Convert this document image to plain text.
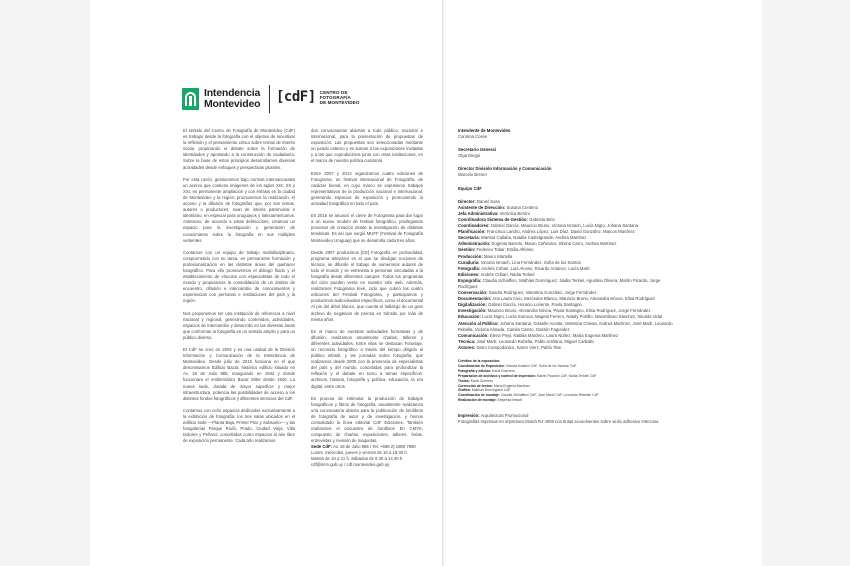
Intendencia
Montevideo [cdF] CENTRO DE
FOTOGRAFÍA
DE MONTEVIDEO

El sentido del Centro de Fotografía de Montevideo (CdF) es trabajar desde la fotografía con el objetivo de incentivar la reflexión y el pensamiento crítico sobre temas de interés social, propiciando el debate sobre la formación de identidades y aportando a la construcción de ciudadanía. Sobre la base de estos principios desarrollamos diversas actividades desde enfoques y perspectivas plurales.

Por esta razón, gestionamos bajo normas internacionales un acervo que contiene imágenes de los siglos XIX, XX y XXI, en permanente ampliación y con énfasis en la ciudad de Montevideo y la región; promovemos la realización, el acceso y la difusión de fotografías que, por sus temas, autores o productores, sean de interés patrimonial e identitario, en especial para uruguayos y latinoamericanos. Asimismo, de acuerdo a estas definiciones, creamos un espacio para la investigación y generación de conocimiento sobre la fotografía en sus múltiples vertientes.

Contamos con un equipo de trabajo multidisciplinario, comprometido con su tarea, en permanente formación y profesionalización en las distintas áreas del quehacer fotográfico. Para ello promovemos el diálogo fluido y el establecimiento de vínculos con especialistas de todo el mundo y propiciamos la consolidación de un ámbito de encuentro, difusión e intercambio de conocimientos y experiencias con personas e instituciones del país y la región.

Nos proponemos ser una institución de referencia a nivel nacional y regional, generando contenidos, actividades, espacios de intercambio y desarrollo en las diversas áreas que conforman la fotografía en un sentido amplio y para un público diverso.

El CdF se creó en 2002 y es una unidad de la División Información y Comunicación de la Intendencia de Montevideo. Desde julio de 2015 funciona en el que denominamos Edificio Bazar, histórico edificio situado en Av. 18 de Julio 885, inaugurado en 1932 y donde funcionara el emblemático Bazar Mitre desde 1940. La nueva sede, dotada de mayor superficie y mejor infraestructura, potencia las posibilidades de acceso a los distintos fondos fotográficos y diferentes servicios del CdF.

Contamos con ocho espacios dedicados exclusivamente a la exhibición de fotografía: los tres salas ubicados en el edificio sede —Planta Baja, Primer Piso y Subsuelo— y las fotogalerías Parque Rodó, Prado, Ciudad Vieja, Villa Dolores y Peñarol, concebidas como espacios al aire libre de exposición permanente. Cada año realizamos

dos convocatorias abiertas a todo público, nacional e internacional, para la presentación de propuestas de exposición. Las propuestas son seleccionadas mediante un jurado externo y se suman a las exposiciones invitadas y a las que coproducimos junto con otras instituciones, en el marco de nuestra política curatorial.

Entre 2007 y 2013 organizamos cuatro ediciones de Fotograma, un festival internacional de Fotografía, de carácter bienal, en cuyo marco se expusieron trabajos representativos de la producción nacional e internacional, generando espacios de exposición y promoviendo la actividad fotográfica en todo el país.

En 2016 se anunció el cierre de Fotograma para dar lugar a un nuevo modelo de festival fotográfico, privilegiando procesos de creación desde la investigación de distintas temáticas. Es así que surgió MUFF (Festival de Fotografía Montevideo Uruguay) que se desarrolla cada tres años.

Desde 2007 producimos [CE] Fotografía en profundidad, programa televisivo en el que se divulgan nociones de técnica, se difunde el trabajo de numerosos autores de todo el mundo y se entrevista a personas vinculadas a la fotografía desde diferentes campos. Todos los programas del ciclo pueden verse en nuestro sitio web. Además, realizamos Fotograma tevé, ciclo que cubrió las cuatro ediciones del Festival Fotograma, y participamos y producimos audiovisuales específicos, como el documental Al pie del árbol blanco, que cuenta el hallazgo de un gran archivo de negativos de prensa en tránsito por más de treinta años.

En el marco de nuestras actividades formativas y de difusión, realizamos anualmente charlas, talleres y diferentes actividades. Entre ellas se destacan Fotoviaje, un recorrido fotográfico a través del tiempo dirigido al público infantil, y las jornadas sobre fotografía, que realizamos desde 2005 con la presencia de especialistas del país y del mundo, concebidas para profundizar la reflexión y el debate en torno a temas específicos: archivos, historia, fotografía y política, educación, la era digital, entre otros.

En procura de estimular la producción de trabajos fotográficos y libros de fotografía, anualmente realizamos una convocatoria abierta para la publicación de fotolibros de fotografía de autor y de investigación, y hemos consolidado la línea editorial CdF Ediciones. También realizamos el encuentro de fotolibros En CMYK, compuesto de charlas, exposiciones, talleres, ferias, entrevistas y revisión de maquetas.

Sede CdF: Av. 18 de Julio 885 / Tel: +598 2) 1950 7960
Lunes, miércoles, jueves y viernes de 10 a 19.30 h.
Martes de 10 a 21 h. Sábados de 9.30 a 14.30 h.
cdf@imm.gub.uy / cdf.montevideo.gub.uy
Intendente de Montevideo
Carolina Cosse
Secretario General
Olga Diegui
Director División Información y Comunicación
Marcelo Brener
Equipo CdF
Director: Daniel Sosa
Asistente de Dirección: Susana Centeno
Jefa Administrativa: Verónica Berrini
Coordinadora Sistema de Gestión: Gabriela Belo
Coordinadores: Gabriel García, Mauricio Bruno, Victoria Ismach, Lucía Nigro, Johana Santana
Planificación: Francisco Landro, Andrea López, Luis Díaz, David González, Marcos Martínez
Secretaría: Martina Callaba, Natalia Castelgrande, Andrea Martínez
Administración: Eugenia Barreto, Mauro Cañevaro, Silvina Carro, Andrea Martínez
Gestión: Federico Tobar, Emilia Alfonso
Producción: Mauro Martella
Curaduría: Victoria Ismach, Lina Fernández, Sofía de los Santos
Fotografía: Andrés Cribari, Luis Alonso, Ricardo Antúnez, Lucía Martí
Ediciones: Andrés Cribari, Nadia Terkiel
Expografía: Claudia Schiaffino, Mathías Domínguez, Nadia Terkiel, Agustina Olivera, Martín Picardo, Jorge Rodríguez
Conservación: Sandra Rodríguez, Valentina González, Jorge Fernández
Documentación: Ana Laura Cirio, Mercedes Blanco, Mauricio Bruno, Alexandra Nóvoa, Elisa Rodríguez
Digitalización: Gabriel García, Horacio Loriente, Paola Santagno
Investigación: Mauricio Bruno, Alexandra Nóvoa, Paola Santagno, Elisa Rodríguez, Jorge Fernández
Educación: Lucía Nigro, Lucía Surroca, Magela Ferrero, Nataly Portillo, Maximiliano Sánchez, Nicolás Vidal
Atención al Público: Johana Santana, Gisselle Acosta, Valentina Chiesa, Andrea Martínez, José Martí, Leonardo Rebella, Victoria Almada, Camila Castro, Gastón Fagundez
Comunicación: Elena Pinyi, Natalia Mardero, Laura Núñez, María Eugenia Martínez
Técnica: José Martí, Leonardo Rebella, Pablo Arellana, Miguel Carballo
Actores: Darío Campodónico, Karen Vierz, Pablo Tate
Créditos de la exposición:
Coordinación de Exposición: Victoria Ismach/ CdF, Sofía de los Santos/ CdF
Fotografía y edición: Karla Guerrero
Preparación de archivos y control de impresión: Martín Picardo/ CdF, Nadia Terkiel/ CdF
Textos: Karla Guerrero
Corrección de textos: María Eugenia Martínez
Gráfica: Mathías Domínguez/ CdF
Coordinación de montaje: Claudia Schiaffino/ CdF, José Martí/ CdF, Leonardo Rebella/ CdF
Realización de montaje: Empresa Infacel
Impresión: Arquitectura Promocional
Fotografías impresas en impresora Mutoh RJ 4008 con tintas ecosolventes sobre vinilo adhesivo Intercoat.
